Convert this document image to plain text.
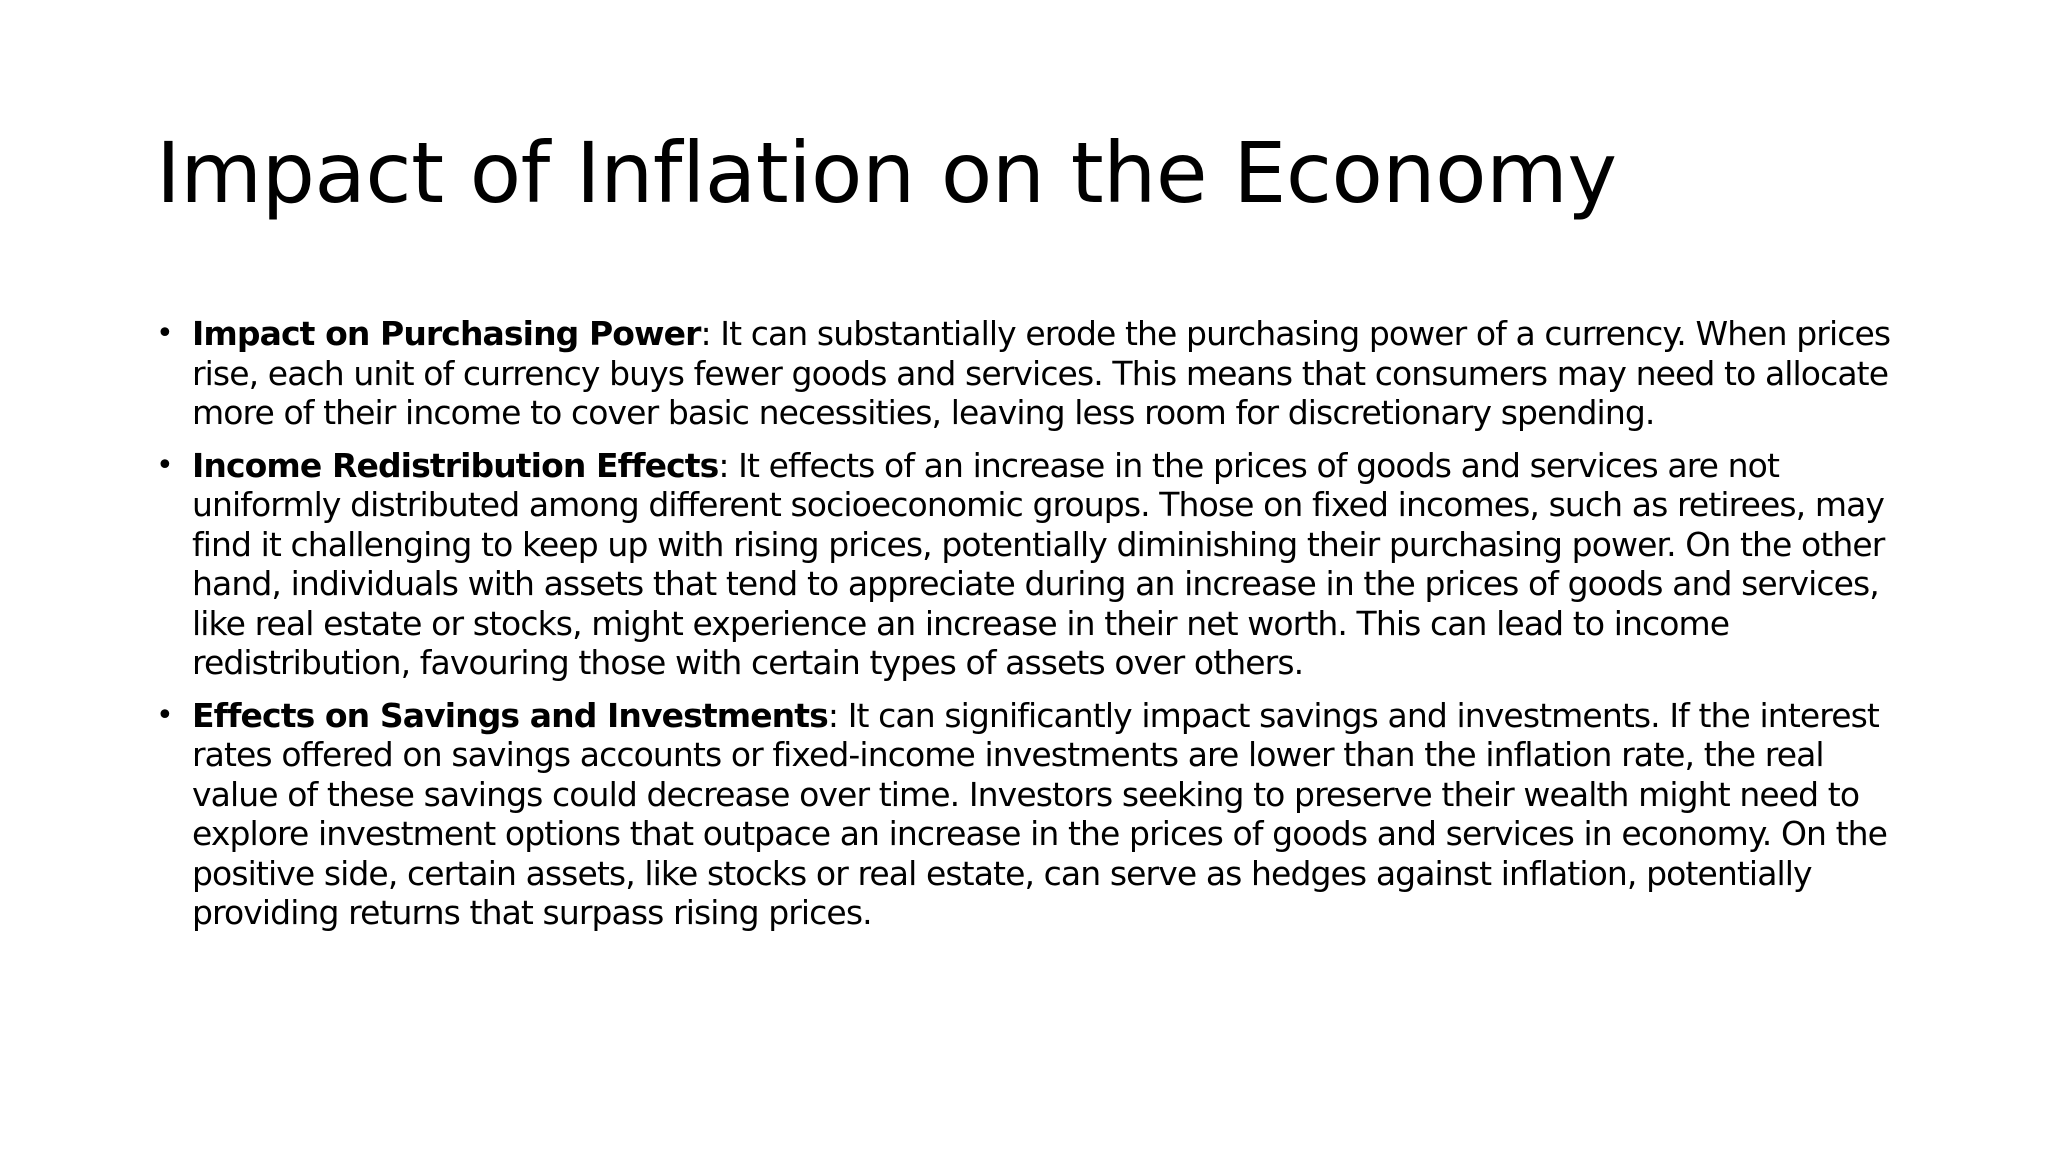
Impact of Inflation on the Economy
• Impact on Purchasing Power: It can substantially erode the purchasing power of a currency. When prices rise, each unit of currency buys fewer goods and services. This means that consumers may need to allocate more of their income to cover basic necessities, leaving less room for discretionary spending.
• Income Redistribution Effects: It effects of an increase in the prices of goods and services are not uniformly distributed among different socioeconomic groups. Those on fixed incomes, such as retirees, may find it challenging to keep up with rising prices, potentially diminishing their purchasing power. On the other hand, individuals with assets that tend to appreciate during an increase in the prices of goods and services, like real estate or stocks, might experience an increase in their net worth. This can lead to income redistribution, favouring those with certain types of assets over others.
• Effects on Savings and Investments: It can significantly impact savings and investments. If the interest rates offered on savings accounts or fixed-income investments are lower than the inflation rate, the real value of these savings could decrease over time. Investors seeking to preserve their wealth might need to explore investment options that outpace an increase in the prices of goods and services in economy. On the positive side, certain assets, like stocks or real estate, can serve as hedges against inflation, potentially providing returns that surpass rising prices.
